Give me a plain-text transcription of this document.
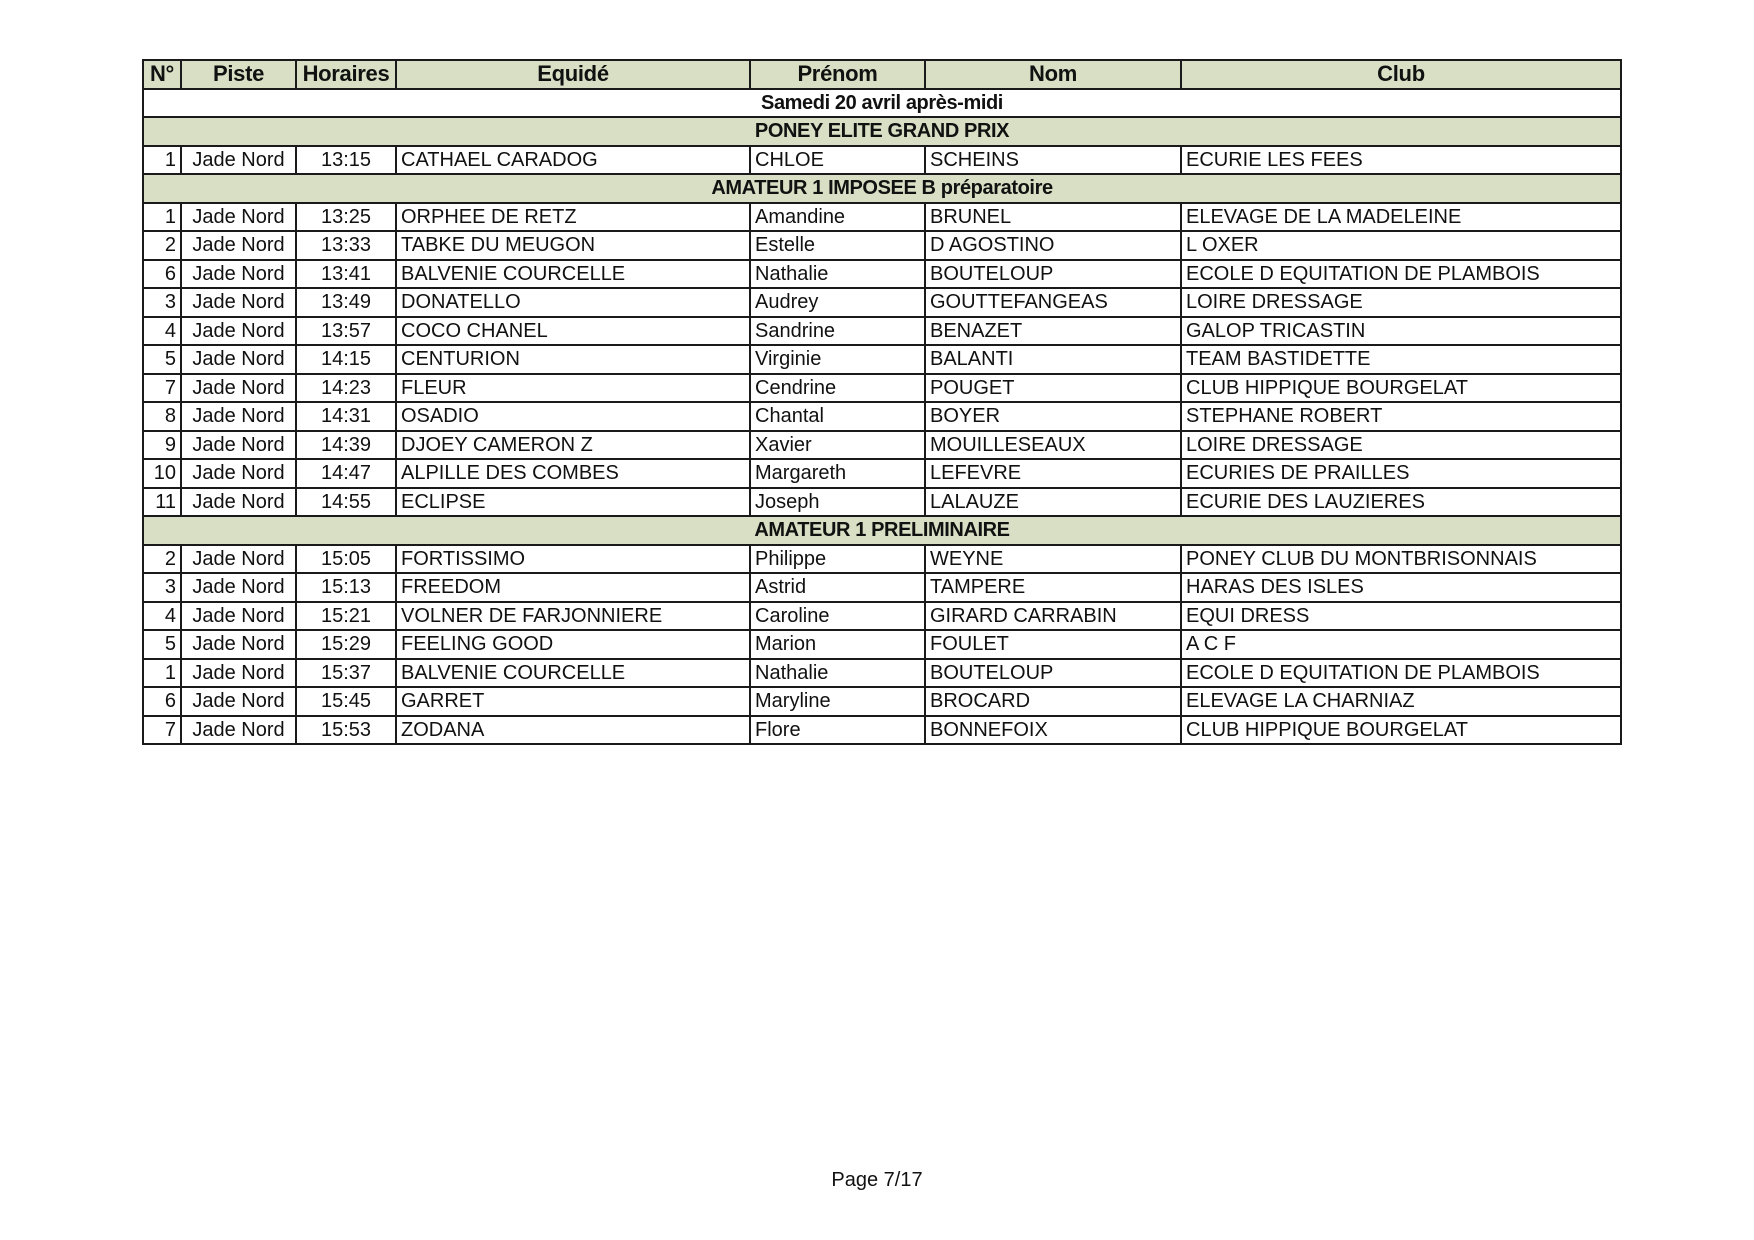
N°	Piste	Horaires	Equidé	Prénom	Nom	Club
Samedi 20 avril après-midi						
PONEY ELITE GRAND PRIX						
1	Jade Nord	13:15	CATHAEL CARADOG	CHLOE	SCHEINS	ECURIE LES FEES
AMATEUR 1 IMPOSEE B préparatoire						
1	Jade Nord	13:25	ORPHEE DE RETZ	Amandine	BRUNEL	ELEVAGE DE LA MADELEINE
2	Jade Nord	13:33	TABKE DU MEUGON	Estelle	D AGOSTINO	L OXER
6	Jade Nord	13:41	BALVENIE COURCELLE	Nathalie	BOUTELOUP	ECOLE D EQUITATION DE PLAMBOIS
3	Jade Nord	13:49	DONATELLO	Audrey	GOUTTEFANGEAS	LOIRE DRESSAGE
4	Jade Nord	13:57	COCO CHANEL	Sandrine	BENAZET	GALOP TRICASTIN
5	Jade Nord	14:15	CENTURION	Virginie	BALANTI	TEAM BASTIDETTE
7	Jade Nord	14:23	FLEUR	Cendrine	POUGET	CLUB HIPPIQUE BOURGELAT
8	Jade Nord	14:31	OSADIO	Chantal	BOYER	STEPHANE ROBERT
9	Jade Nord	14:39	DJOEY CAMERON Z	Xavier	MOUILLESEAUX	LOIRE DRESSAGE
10	Jade Nord	14:47	ALPILLE DES COMBES	Margareth	LEFEVRE	ECURIES DE PRAILLES
11	Jade Nord	14:55	ECLIPSE	Joseph	LALAUZE	ECURIE DES LAUZIERES
AMATEUR 1 PRELIMINAIRE						
2	Jade Nord	15:05	FORTISSIMO	Philippe	WEYNE	PONEY CLUB DU MONTBRISONNAIS
3	Jade Nord	15:13	FREEDOM	Astrid	TAMPERE	HARAS DES ISLES
4	Jade Nord	15:21	VOLNER DE FARJONNIERE	Caroline	GIRARD CARRABIN	EQUI DRESS
5	Jade Nord	15:29	FEELING GOOD	Marion	FOULET	A C F
1	Jade Nord	15:37	BALVENIE COURCELLE	Nathalie	BOUTELOUP	ECOLE D EQUITATION DE PLAMBOIS
6	Jade Nord	15:45	GARRET	Maryline	BROCARD	ELEVAGE LA CHARNIAZ
7	Jade Nord	15:53	ZODANA	Flore	BONNEFOIX	CLUB HIPPIQUE BOURGELAT
Page 7/17
